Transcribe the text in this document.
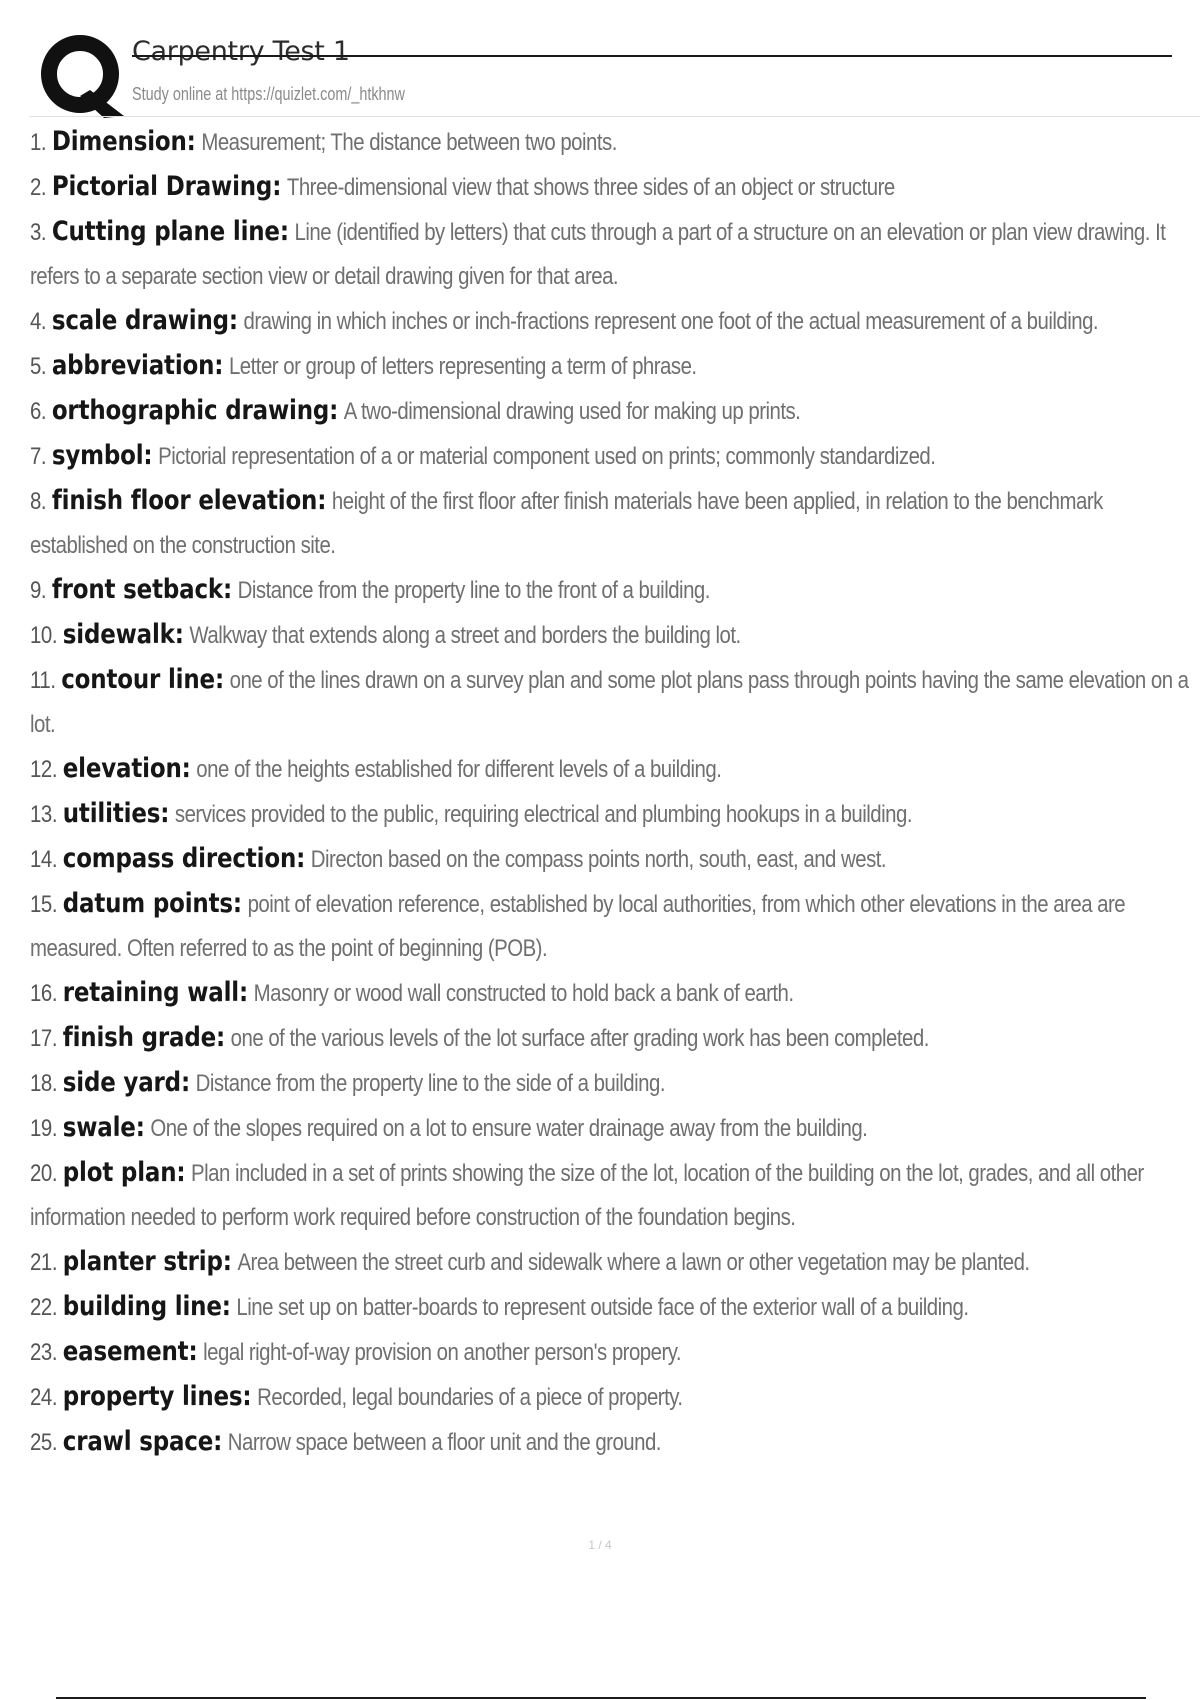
Carpentry Test 1
Study online at https://quizlet.com/_htkhnw
1. Dimension: Measurement; The distance between two points.
2. Pictorial Drawing: Three-dimensional view that shows three sides of an object or structure
3. Cutting plane line: Line (identified by letters) that cuts through a part of a structure on an elevation or plan view drawing. It refers to a separate section view or detail drawing given for that area.
4. scale drawing: drawing in which inches or inch-fractions represent one foot of the actual measurement of a building.
5. abbreviation: Letter or group of letters representing a term of phrase.
6. orthographic drawing: A two-dimensional drawing used for making up prints.
7. symbol: Pictorial representation of a or material component used on prints; commonly standardized.
8. finish floor elevation: height of the first floor after finish materials have been applied, in relation to the benchmark established on the construction site.
9. front setback: Distance from the property line to the front of a building.
10. sidewalk: Walkway that extends along a street and borders the building lot.
11. contour line: one of the lines drawn on a survey plan and some plot plans pass through points having the same elevation on a lot.
12. elevation: one of the heights established for different levels of a building.
13. utilities: services provided to the public, requiring electrical and plumbing hookups in a building.
14. compass direction: Directon based on the compass points north, south, east, and west.
15. datum points: point of elevation reference, established by local authorities, from which other elevations in the area are measured. Often referred to as the point of beginning (POB).
16. retaining wall: Masonry or wood wall constructed to hold back a bank of earth.
17. finish grade: one of the various levels of the lot surface after grading work has been completed.
18. side yard: Distance from the property line to the side of a building.
19. swale: One of the slopes required on a lot to ensure water drainage away from the building.
20. plot plan: Plan included in a set of prints showing the size of the lot, location of the building on the lot, grades, and all other information needed to perform work required before construction of the foundation begins.
21. planter strip: Area between the street curb and sidewalk where a lawn or other vegetation may be planted.
22. building line: Line set up on batter-boards to represent outside face of the exterior wall of a building.
23. easement: legal right-of-way provision on another person's propery.
24. property lines: Recorded, legal boundaries of a piece of property.
25. crawl space: Narrow space between a floor unit and the ground.
1 / 4
